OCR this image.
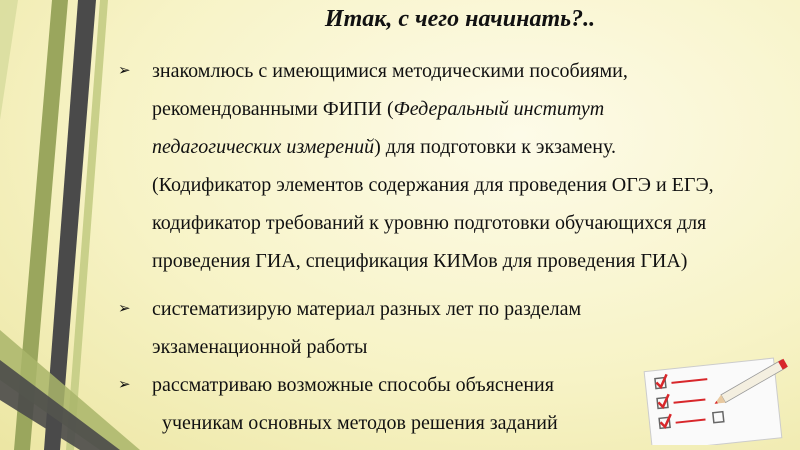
Итак, с чего начинать?..
➢	знакомлюсь с имеющимися методическими пособиями,
рекомендованными ФИПИ (Федеральный институт
педагогических измерений) для подготовки к экзамену.
(Кодификатор элементов содержания для проведения ОГЭ и ЕГЭ,
кодификатор требований к уровню подготовки обучающихся для
проведения ГИА, спецификация КИМов для проведения ГИА)
➢	систематизирую материал разных лет по разделам
экзаменационной работы
➢	рассматриваю возможные способы объяснения
ученикам основных методов решения заданий
